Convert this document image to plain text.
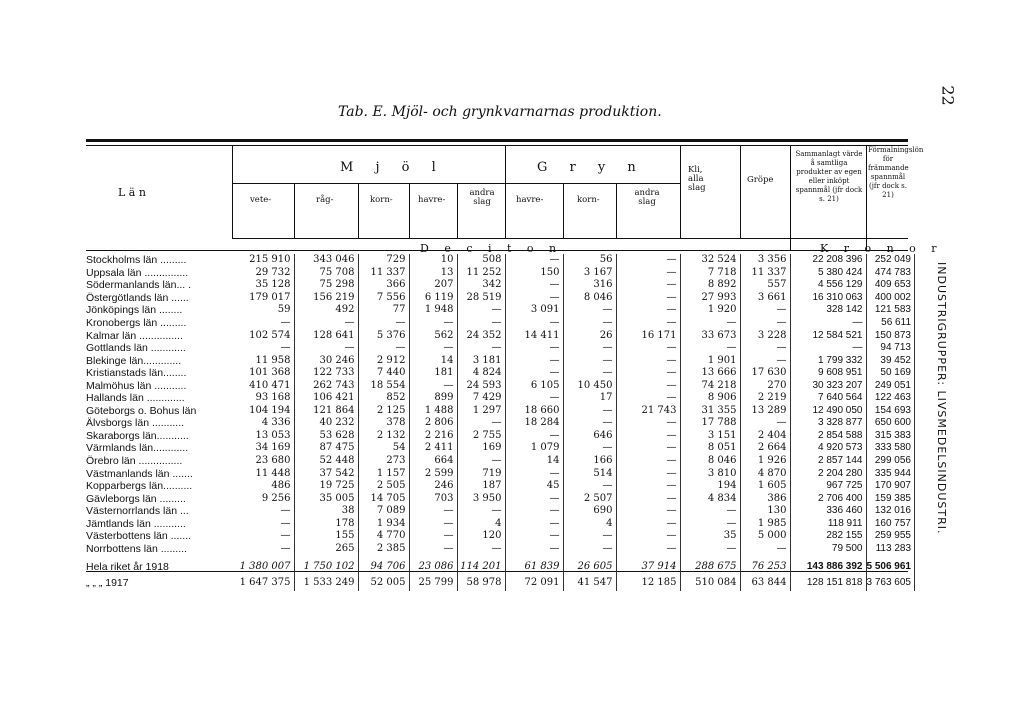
22
INDUSTRIGRUPPER: LIVSMEDELSINDUSTRI.
Tab. E. Mjöl- och grynkvarnarnas produktion.
L ä n
M j ö l	G r y n
vete-	råg-	korn-	havre-
andra slag	havre-	korn-
andra slag
Kli, alla slag
Gröpe
Sammanlagt värde å samtliga produkter av egen eller inköpt spannmål (jfr dock s. 21)
Förmalningslön för främmande spannmål (jfr dock s. 21)
D e c i t o n	K r o n o r
Stockholms län .........	215 910	343 046	729	10	508	—	56	—	32 524	3 356	22 208 396	252 049
Uppsala län ...............	29 732	75 708	11 337	13	11 252	150	3 167	—	7 718	11 337	5 380 424	474 783
Södermanlands län... .	35 128	75 298	366	207	342	—	316	—	8 892	557	4 556 129	409 653
Östergötlands län ......	179 017	156 219	7 556	6 119	28 519	—	8 046	—	27 993	3 661	16 310 063	400 002
Jönköpings län ........	59	492	77	1 948	—	3 091	—	—	1 920	—	328 142	121 583
Kronobergs län .........	—	—	—	—	—	—	—	—	—	—	—	56 611
Kalmar län ...............	102 574	128 641	5 376	562	24 352	14 411	26	16 171	33 673	3 228	12 584 521	150 873
Gottlands län ............	—	—	—	—	—	—	—	—	—	—	—	94 713
Blekinge län.............	11 958	30 246	2 912	14	3 181	—	—	—	1 901	—	1 799 332	39 452
Kristianstads län........	101 368	122 733	7 440	181	4 824	—	—	—	13 666	17 630	9 608 951	50 169
Malmöhus län ...........	410 471	262 743	18 554	—	24 593	6 105	10 450	—	74 218	270	30 323 207	249 051
Hallands län .............	93 168	106 421	852	899	7 429	—	17	—	8 906	2 219	7 640 564	122 463
Göteborgs o. Bohus län	104 194	121 864	2 125	1 488	1 297	18 660	—	21 743	31 355	13 289	12 490 050	154 693
Älvsborgs län ...........	4 336	40 232	378	2 806	—	18 284	—	—	17 788	—	3 328 877	650 600
Skaraborgs län...........	13 053	53 628	2 132	2 216	2 755	—	646	—	3 151	2 404	2 854 588	315 383
Värmlands län............	34 169	87 475	54	2 411	169	1 079	—	—	8 051	2 664	4 920 573	333 580
Örebro län ...............	23 680	52 448	273	664	—	14	166	—	8 046	1 926	2 857 144	299 056
Västmanlands län .......	11 448	37 542	1 157	2 599	719	—	514	—	3 810	4 870	2 204 280	335 944
Kopparbergs län..........	486	19 725	2 505	246	187	45	—	—	194	1 605	967 725	170 907
Gävleborgs län .........	9 256	35 005	14 705	703	3 950	—	2 507	—	4 834	386	2 706 400	159 385
Västernorrlands län ...	—	38	7 089	—	—	—	690	—	—	130	336 460	132 016
Jämtlands län ...........	—	178	1 934	—	4	—	4	—	—	1 985	118 911	160 757
Västerbottens län .......	—	155	4 770	—	120	—	—	—	35	5 000	282 155	259 955
Norrbottens län .........	—	265	2 385	—	—	—	—	—	—	—	79 500	113 283
Hela riket år 1918	1 380 007	1 750 102	94 706	23 086	114 201	61 839	26 605	37 914	288 675	76 253	143 886 392	5 506 961
„ „ „ 1917	1 647 375	1 533 249	52 005	25 799	58 978	72 091	41 547	12 185	510 084	63 844	128 151 818	3 763 605
